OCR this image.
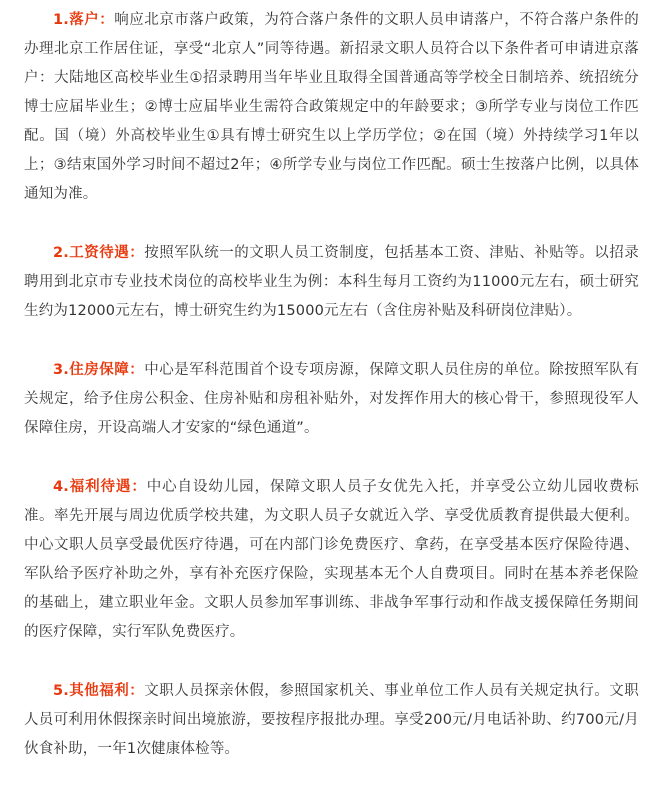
1.落户：响应北京市落户政策，为符合落户条件的文职人员申请落户，不符合落户条件的办理北京工作居住证，享受“北京人”同等待遇。新招录文职人员符合以下条件者可申请进京落户：大陆地区高校毕业生①招录聘用当年毕业且取得全国普通高等学校全日制培养、统招统分博士应届毕业生；②博士应届毕业生需符合政策规定中的年龄要求；③所学专业与岗位工作匹配。国（境）外高校毕业生①具有博士研究生以上学历学位；②在国（境）外持续学习1年以上；③结束国外学习时间不超过2年；④所学专业与岗位工作匹配。硕士生按落户比例，以具体通知为准。

2.工资待遇：按照军队统一的文职人员工资制度，包括基本工资、津贴、补贴等。以招录聘用到北京市专业技术岗位的高校毕业生为例：本科生每月工资约为11000元左右，硕士研究生约为12000元左右，博士研究生约为15000元左右（含住房补贴及科研岗位津贴）。

3.住房保障：中心是军科范围首个设专项房源，保障文职人员住房的单位。除按照军队有关规定，给予住房公积金、住房补贴和房租补贴外，对发挥作用大的核心骨干，参照现役军人保障住房，开设高端人才安家的“绿色通道”。

4.福利待遇：中心自设幼儿园，保障文职人员子女优先入托，并享受公立幼儿园收费标准。率先开展与周边优质学校共建，为文职人员子女就近入学、享受优质教育提供最大便利。中心文职人员享受最优医疗待遇，可在内部门诊免费医疗、拿药，在享受基本医疗保险待遇、军队给予医疗补助之外，享有补充医疗保险，实现基本无个人自费项目。同时在基本养老保险的基础上，建立职业年金。文职人员参加军事训练、非战争军事行动和作战支援保障任务期间的医疗保障，实行军队免费医疗。

5.其他福利：文职人员探亲休假，参照国家机关、事业单位工作人员有关规定执行。文职人员可利用休假探亲时间出境旅游，要按程序报批办理。享受200元/月电话补助、约700元/月伙食补助，一年1次健康体检等。
